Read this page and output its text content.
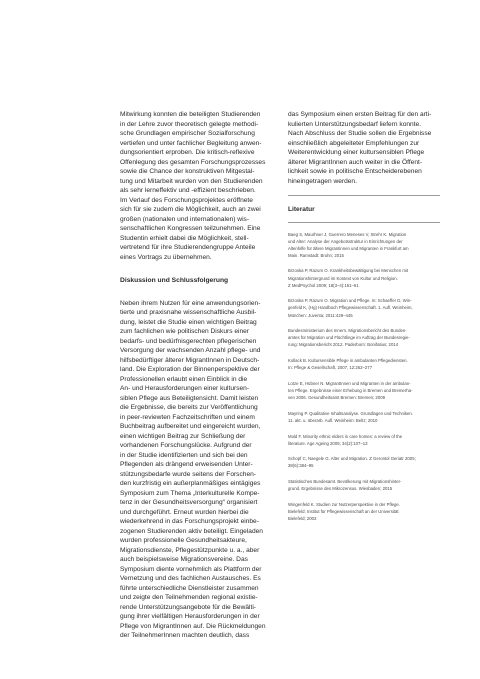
Mitwirkung konnten die beteiligten Studierenden
in der Lehre zuvor theoretisch gelegte methodi-
sche Grundlagen empirischer Sozialforschung
vertiefen und unter fachlicher Begleitung anwen-
dungsorientiert erproben. Die kritisch-reflexive
Offenlegung des gesamten Forschungsprozesses
sowie die Chance der konstruktiven Mitgestal-
tung und Mitarbeit wurden von den Studierenden
als sehr lerneffektiv und -effizient beschrieben.
Im Verlauf des Forschungsprojektes eröffnete
sich für sie zudem die Möglichkeit, auch an zwei
großen (nationalen und internationalen) wis-
senschaftlichen Kongressen teilzunehmen. Eine
Studentin erhielt dabei die Möglichkeit, stell-
vertretend für ihre Studierendengruppe Anteile
eines Vortrags zu übernehmen.

Diskussion und Schlussfolgerung

Neben ihrem Nutzen für eine anwendungsorien-
tierte und praxisnahe wissenschaftliche Ausbil-
dung, leistet die Studie einen wichtigen Beitrag
zum fachlichen wie politischen Diskurs einer
bedarfs- und bedürfnisgerechten pflegerischen
Versorgung der wachsenden Anzahl pflege- und
hilfsbedürftiger älterer MigrantInnen in Deutsch-
land. Die Exploration der Binnenperspektive der
Professionellen erlaubt einen Einblick in die
An- und Herausforderungen einer kultursen-
siblen Pflege aus Beteiligtensicht. Damit leisten
die Ergebnisse, die bereits zur Veröffentlichung
in peer-reviewten Fachzeitschriften und einem
Buchbeitrag aufbereitet und eingereicht wurden,
einen wichtigen Beitrag zur Schließung der
vorhandenen Forschungslücke. Aufgrund der
in der Studie identifizierten und sich bei den
Pflegenden als drängend erweisenden Unter-
stützungsbedarfe wurde seitens der Forschen-
den kurzfristig ein außerplanmäßiges eintägiges
Symposium zum Thema „Interkulturelle Kompe-
tenz in der Gesundheitsversorgung“ organisiert
und durchgeführt. Erneut wurden hierbei die
wiederkehrend in das Forschungsprojekt einbe-
zogenen Studierenden aktiv beteiligt. Eingeladen
wurden professionelle Gesundheitsakteure,
Migrationsdienste, Pflegestützpunkte u. a., aber
auch beispielsweise Migrationsvereine. Das
Symposium diente vornehmlich als Plattform der
Vernetzung und des fachlichen Austausches. Es
führte unterschiedliche Dienstleister zusammen
und zeigte den Teilnehmenden regional existie-
rende Unterstützungsangebote für die Bewälti-
gung ihrer vielfältigen Herausforderungen in der
Pflege von MigrantInnen auf. Die Rückmeldungen
der TeilnehmerInnen machten deutlich, dass

das Symposium einen ersten Beitrag für den arti-
kulierten Unterstützungsbedarf liefern konnte.
Nach Abschluss der Studie sollen die Ergebnisse
einschließlich abgeleiteter Empfehlungen zur
Weiterentwicklung einer kultursensiblen Pflege
älterer MigrantInnen auch weiter in die Öffent-
lichkeit sowie in politische Entscheiderebenen
hineingetragen werden.

Literatur
Baeg S, Maurhner J, Guerrero Meneses V, Strehr K. Migration
und Alter: Analyse der Angebotsstruktur in Einrichtungen der
Altenhilfe für ältere Migrantinnen und Migranten in Frankfurt am
Main. Ramstadt: Bruhn; 2015
Brzoska P, Razum O. Krankheitsbewältigung bei Menschen mit
Migrationshintergrund im Kontext von Kultur und Religion.
Z MedPsychol 2009; 18(3–4):151–61
Brzoska P, Razum O. Migration und Pflege. In: Schaeffer D, Win-
genfeld K, (Hg) Handbuch Pflegewissenschaft. 1. Aufl. Weinheim,
München: Juventa; 2011:429–445
Bundesministerium des Innern. Migrationsbericht des Bundes-
amtes für Migration und Flüchtlinge im Auftrag der Bundesregie-
rung: Migrationsbericht 2012. Paderborn: Bonifatius; 2014
Kollack B. Kultursensible Pflege in ambulanten Pflegediensten.
In: Pflege & Gesellschaft, 2007, 12:262–277
Lotze E, Hübner N. MigrantInnen und Migranten in der ambulan-
ten Pflege. Ergebnisse einer Erhebung in Bremen und Bremerha-
ven 2006. Gesundheitsamt Bremen: Bremen; 2009
Mayring P. Qualitative Inhaltsanalyse. Grundlagen und Techniken.
11. akt. u. überarb. Aufl. Weinheim: Beltz; 2010
Mold F. Minority ethnic elders in care homes: a review of the
literature. Age Ageing 2005; 34(2):107–13
Schopf C, Naegele G. Alter und Migration. Z Gerontol Geriatr 2005;
38(6):384–95
Statistisches Bundesamt. Bevölkerung mit Migrationshinter-
grund. Ergebnisse des Mikrozensus. Wiesbaden; 2015
Wingenfeld K. Studien zur Nutzerperspektive in der Pflege.
Bielefeld: Institut für Pflegewissenschaft an der Universität
Bielefeld; 2003
